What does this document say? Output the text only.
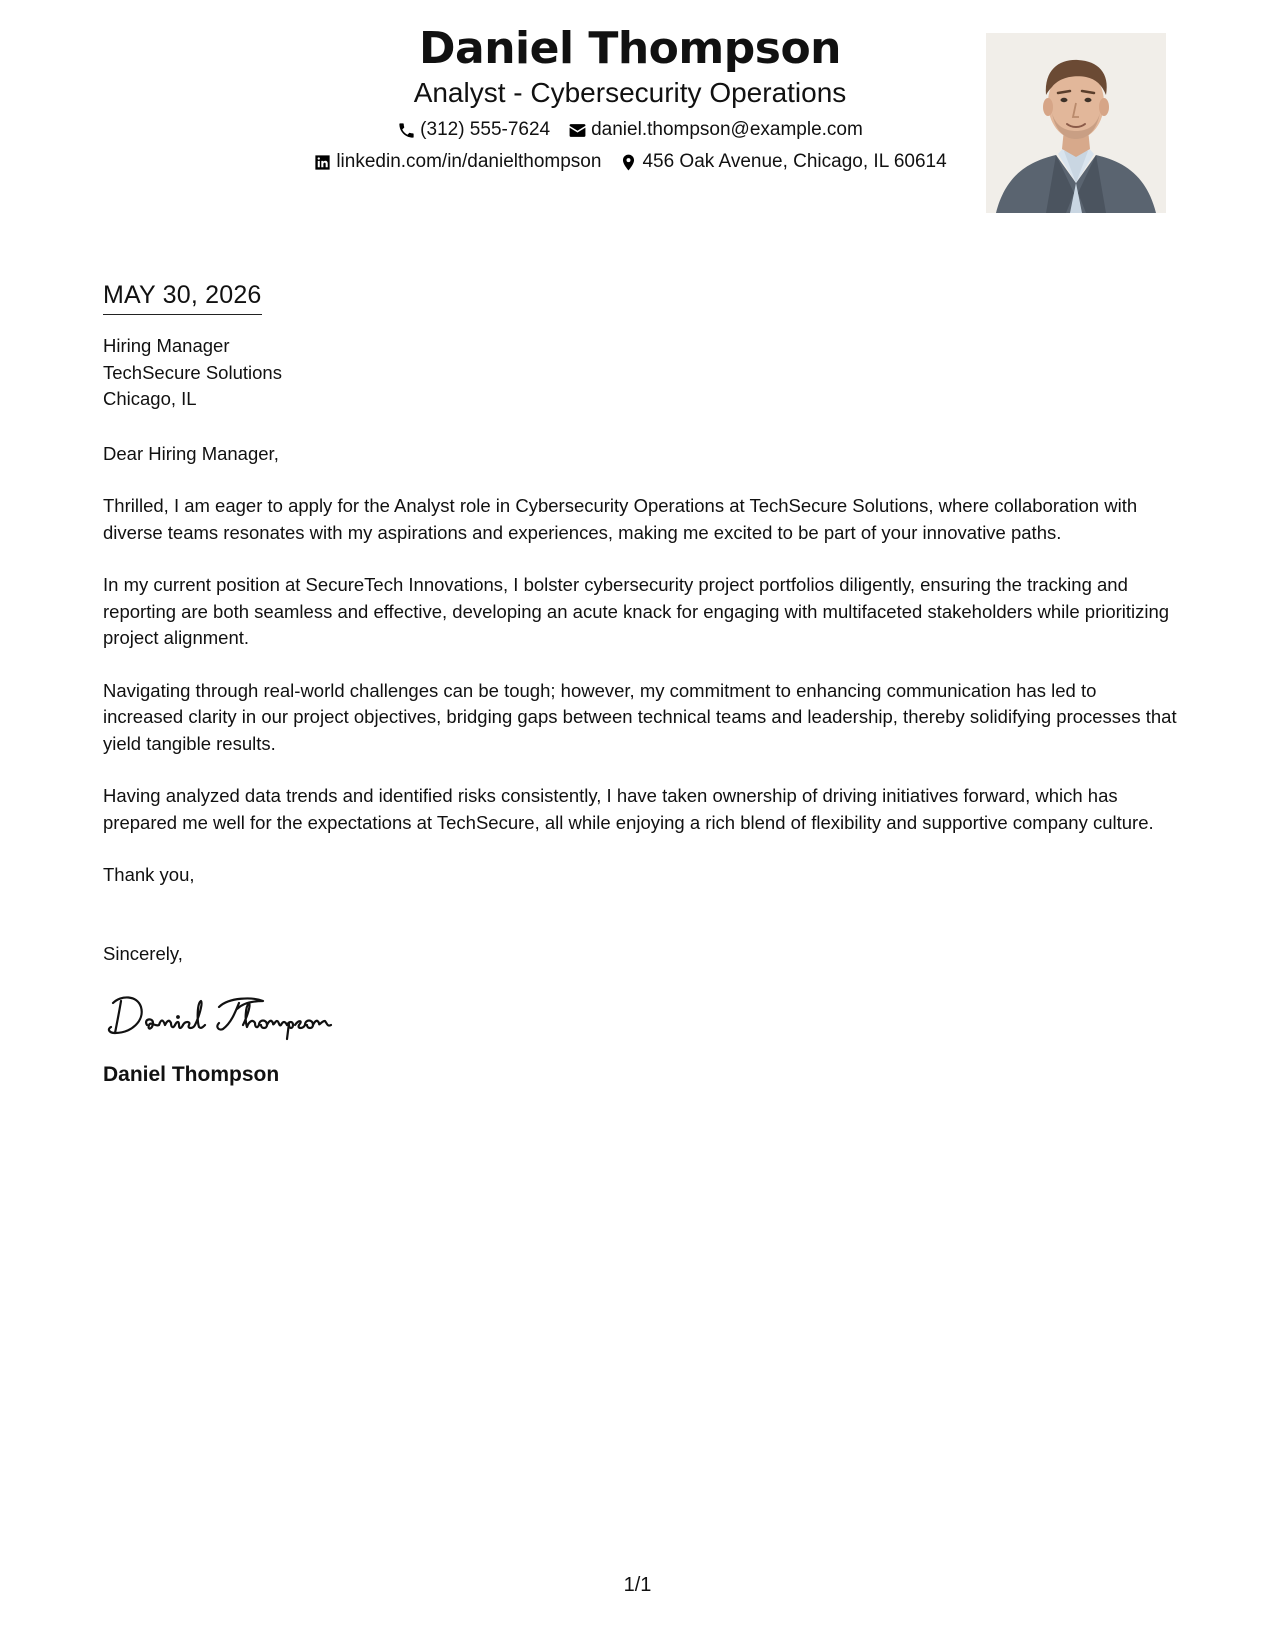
Daniel Thompson
Analyst - Cybersecurity Operations
(312) 555-7624 daniel.thompson@example.com
linkedin.com/in/danielthompson 456 Oak Avenue, Chicago, IL 60614
MAY 30, 2026
Hiring Manager
TechSecure Solutions
Chicago, IL
Dear Hiring Manager,

Thrilled, I am eager to apply for the Analyst role in Cybersecurity Operations at TechSecure Solutions, where collaboration with diverse teams resonates with my aspirations and experiences, making me excited to be part of your innovative paths.

In my current position at SecureTech Innovations, I bolster cybersecurity project portfolios diligently, ensuring the tracking and reporting are both seamless and effective, developing an acute knack for engaging with multifaceted stakeholders while prioritizing project alignment.

Navigating through real-world challenges can be tough; however, my commitment to enhancing communication has led to increased clarity in our project objectives, bridging gaps between technical teams and leadership, thereby solidifying processes that yield tangible results.

Having analyzed data trends and identified risks consistently, I have taken ownership of driving initiatives forward, which has prepared me well for the expectations at TechSecure, all while enjoying a rich blend of flexibility and supportive company culture.

Thank you,
Sincerely,
Daniel Thompson
1/1
